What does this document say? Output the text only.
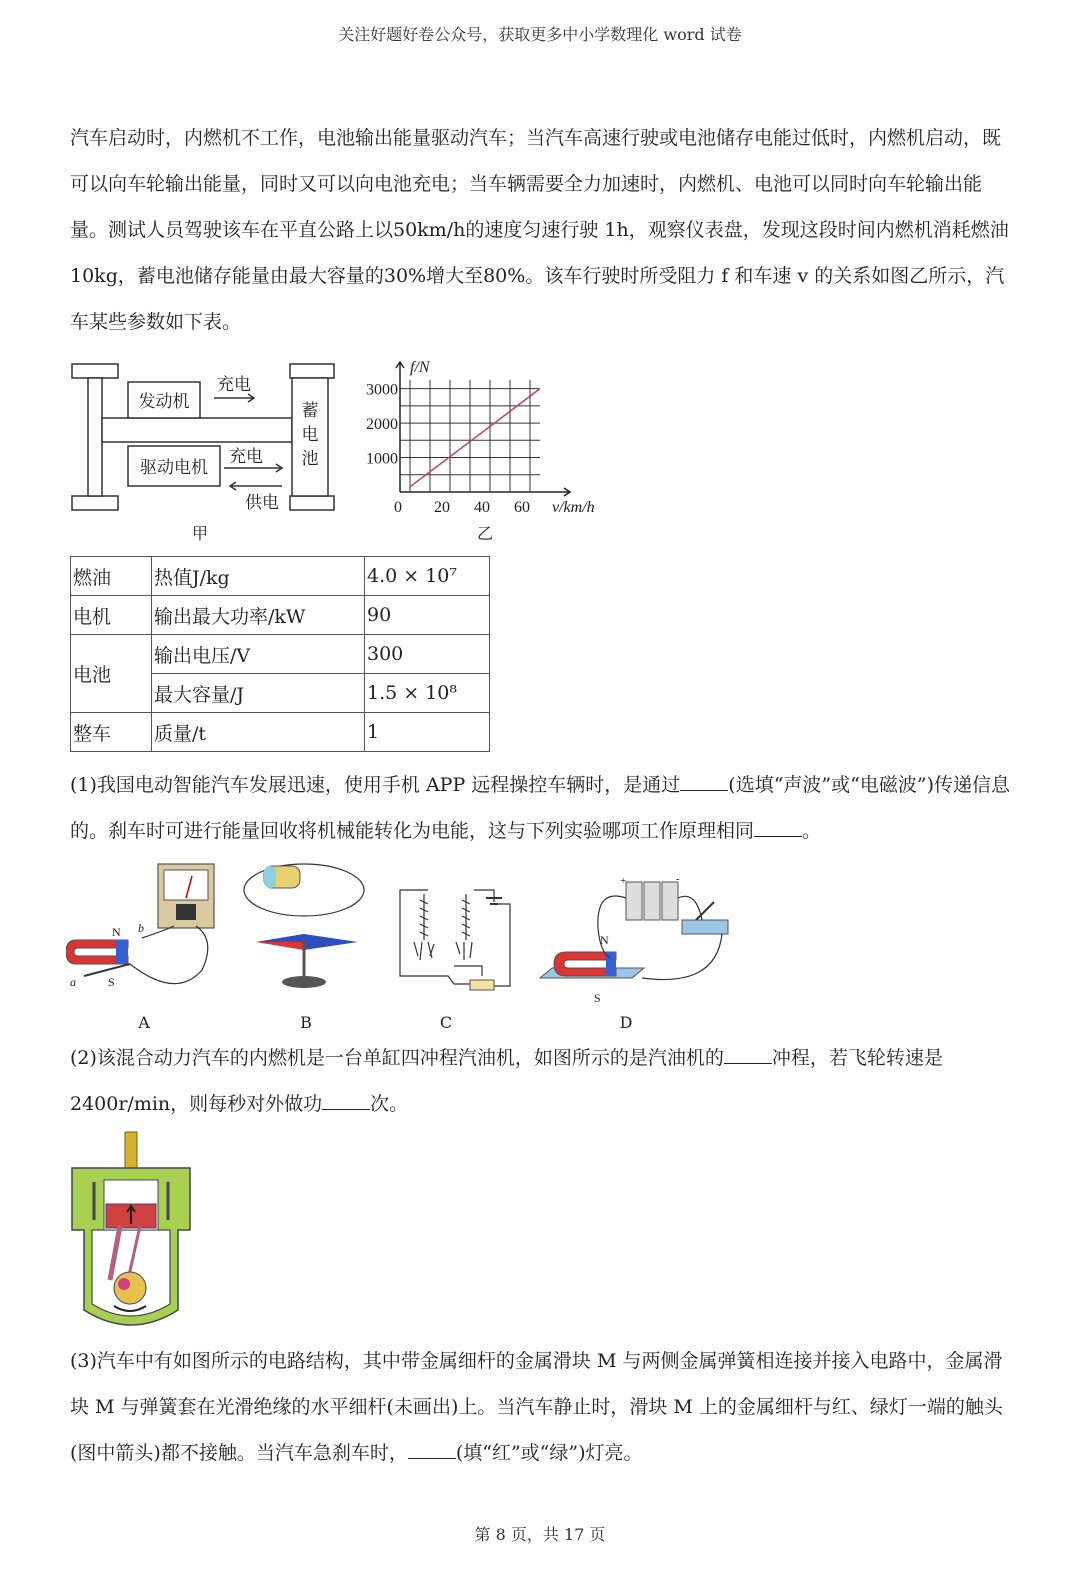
关注好题好卷公众号，获取更多中小学数理化 word 试卷

汽车启动时，内燃机不工作，电池输出能量驱动汽车；当汽车高速行驶或电池储存电能过低时，内燃机启动，既可以向车轮输出能量，同时又可以向电池充电；当车辆需要全力加速时，内燃机、电池可以同时向车轮输出能量。测试人员驾驶该车在平直公路上以50km/h的速度匀速行驶 1h，观察仪表盘，发现这段时间内燃机消耗燃油 10kg，蓄电池储存能量由最大容量的30%增大至80%。该车行驶时所受阻力 f 和车速 v 的关系如图乙所示，汽车某些参数如下表。

发动机
驱动电机
充电
充电
供电
蓄
电
池
甲
20 40 60
1000
2000
3000
f/N
v/km/h
0
乙
燃油	热值J/kg	4.0 × 10⁷
电机	输出最大功率/kW	90
电池	输出电压/V	300
	最大容量/J	1.5 × 10⁸
整车	质量/t	1

(1)我国电动智能汽车发展迅速，使用手机 APP 远程操控车辆时，是通过	(选填“声波”或“电磁波”)传递信息的。刹车时可进行能量回收将机械能转化为电能，这与下列实验哪项工作原理相同	。

N b
a	S
A	B	C
N
S
+	-
D

(2)该混合动力汽车的内燃机是一台单缸四冲程汽油机，如图所示的是汽油机的	冲程，若飞轮转速是2400r/min，则每秒对外做功	次。

(3)汽车中有如图所示的电路结构，其中带金属细杆的金属滑块 M 与两侧金属弹簧相连接并接入电路中，金属滑块 M 与弹簧套在光滑绝缘的水平细杆(未画出)上。当汽车静止时，滑块 M 上的金属细杆与红、绿灯一端的触头(图中箭头)都不接触。当汽车急刹车时，	(填“红”或“绿”)灯亮。

第 8 页，共 17 页
